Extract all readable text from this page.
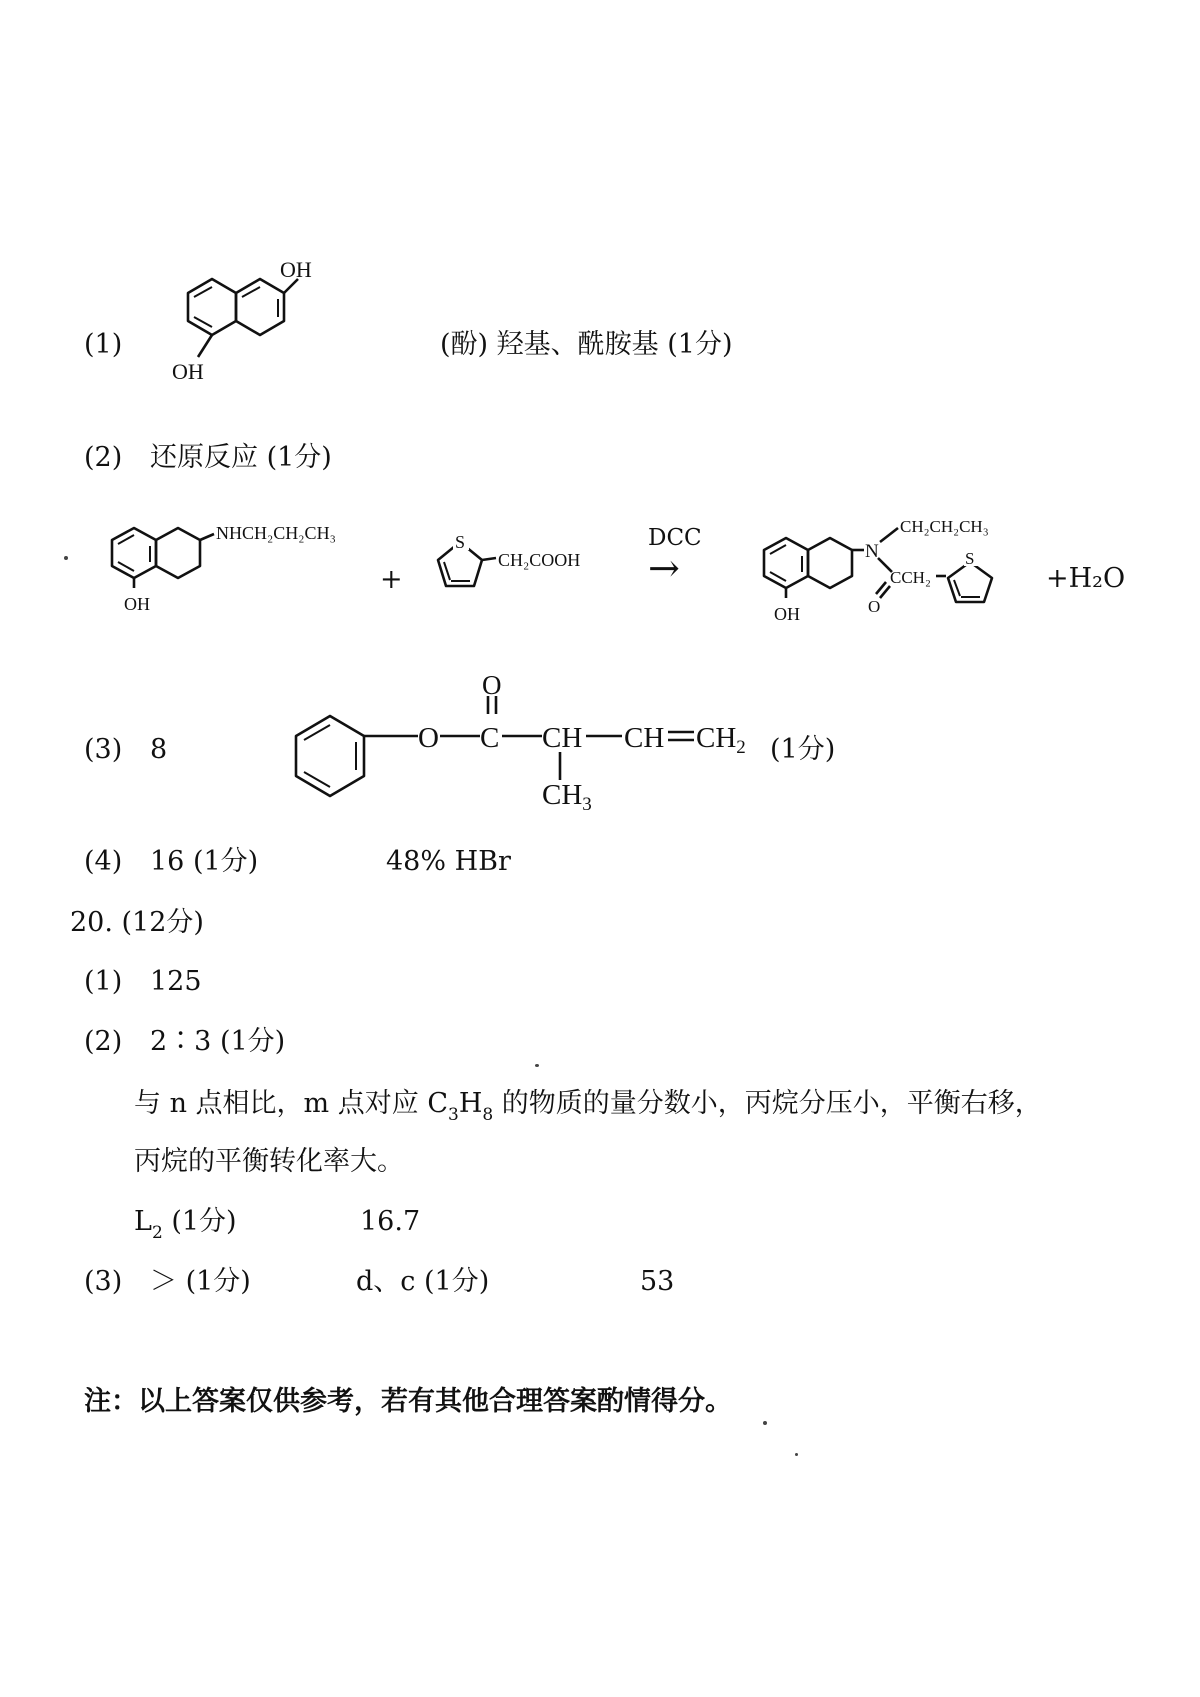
(1)
OH
OH
(酚) 羟基、酰胺基 (1分)
(2) 还原反应 (1分)
NHCH₂CH₂CH₃
OH
+
S
CH₂COOH
DCC
→	N
CH₂CH₂CH₃
CCH₂
O
OH
S
+H₂O
(3) 8	O C
O
CH
$CH_3$
CH $CH_2$ (1分)
(4) 16 (1分)	48% HBr
20. (12分)
(1) 125
(2) 2∶3 (1分)
与 n 点相比，m 点对应 $C_3H_8$ 的物质的量分数小，丙烷分压小，平衡右移，
丙烷的平衡转化率大。
$L_2$ (1分)	16.7
(3) ＞ (1分)	d、c (1分)	53
注：以上答案仅供参考，若有其他合理答案酌情得分。
